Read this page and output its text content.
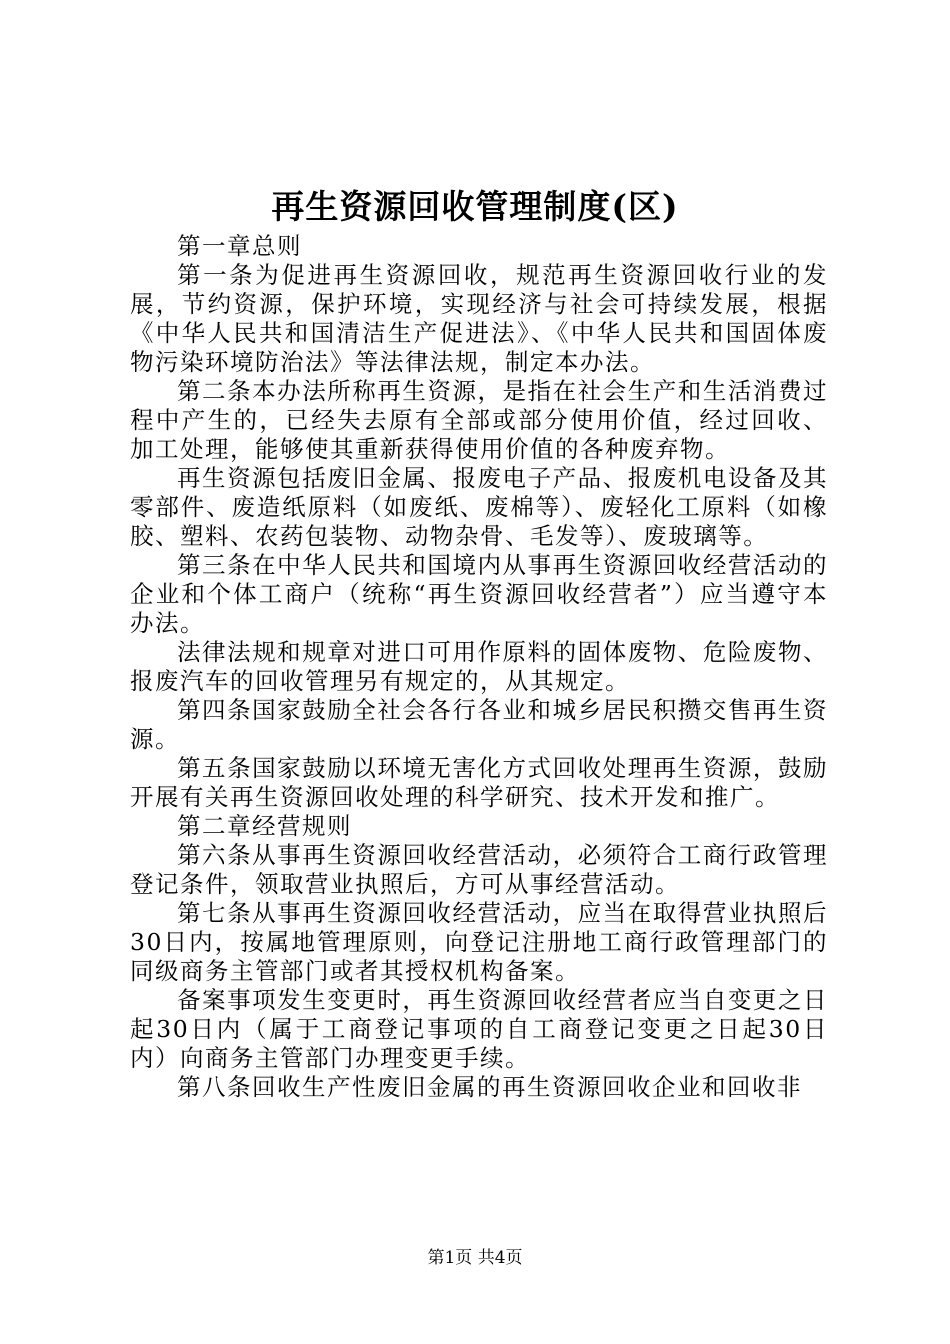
再生资源回收管理制度(区)

第一章总则

第一条为促进再生资源回收，规范再生资源回收行业的发展，节约资源，保护环境，实现经济与社会可持续发展，根据《中华人民共和国清洁生产促进法》、《中华人民共和国固体废物污染环境防治法》等法律法规，制定本办法。

第二条本办法所称再生资源，是指在社会生产和生活消费过程中产生的，已经失去原有全部或部分使用价值，经过回收、加工处理，能够使其重新获得使用价值的各种废弃物。

再生资源包括废旧金属、报废电子产品、报废机电设备及其零部件、废造纸原料（如废纸、废棉等）、废轻化工原料（如橡胶、塑料、农药包装物、动物杂骨、毛发等）、废玻璃等。

第三条在中华人民共和国境内从事再生资源回收经营活动的企业和个体工商户（统称“再生资源回收经营者”）应当遵守本办法。

法律法规和规章对进口可用作原料的固体废物、危险废物、报废汽车的回收管理另有规定的，从其规定。

第四条国家鼓励全社会各行各业和城乡居民积攒交售再生资源。

第五条国家鼓励以环境无害化方式回收处理再生资源，鼓励开展有关再生资源回收处理的科学研究、技术开发和推广。

第二章经营规则

第六条从事再生资源回收经营活动，必须符合工商行政管理登记条件，领取营业执照后，方可从事经营活动。

第七条从事再生资源回收经营活动，应当在取得营业执照后30日内，按属地管理原则，向登记注册地工商行政管理部门的同级商务主管部门或者其授权机构备案。

备案事项发生变更时，再生资源回收经营者应当自变更之日起30日内（属于工商登记事项的自工商登记变更之日起30日内）向商务主管部门办理变更手续。

第八条回收生产性废旧金属的再生资源回收企业和回收非

第1页 共4页
